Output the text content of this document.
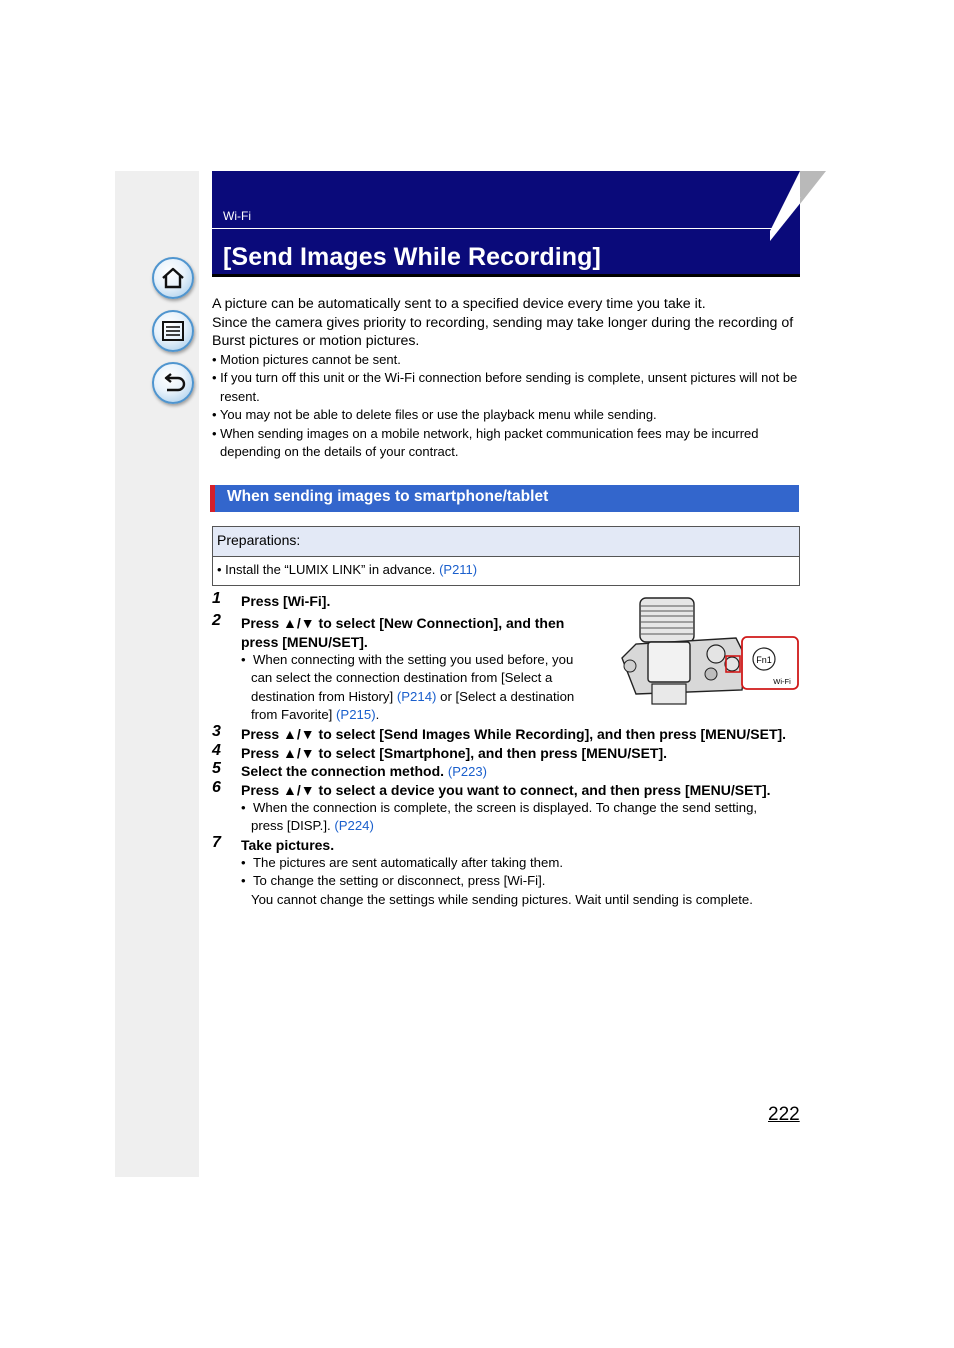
Wi-Fi
[Send Images While Recording]

A picture can be automatically sent to a specified device every time you take it.

Since the camera gives priority to recording, sending may take longer during the recording of Burst pictures or motion pictures.

• Motion pictures cannot be sent.

• If you turn off this unit or the Wi-Fi connection before sending is complete, unsent pictures will not be resent.

• You may not be able to delete files or use the playback menu while sending.

• When sending images on a mobile network, high packet communication fees may be incurred depending on the details of your contract.

When sending images to smartphone/tablet
Preparations:
• Install the “LUMIX LINK” in advance. (P211)
1 Press [Wi-Fi].
2 Press ▲/▼ to select [New Connection], and then
press [MENU/SET].
•  When connecting with the setting you used before, you
can select the connection destination from [Select a
destination from History] (P214) or [Select a destination
from Favorite] (P215).
Fn1
Wi-Fi
3 Press ▲/▼ to select [Send Images While Recording], and then press [MENU/SET].
4 Press ▲/▼ to select [Smartphone], and then press [MENU/SET].
5 Select the connection method. (P223)
6 Press ▲/▼ to select a device you want to connect, and then press [MENU/SET].
•  When the connection is complete, the screen is displayed. To change the send setting,
press [DISP.]. (P224)
7 Take pictures.
•  The pictures are sent automatically after taking them.
•  To change the setting or disconnect, press [Wi-Fi].
You cannot change the settings while sending pictures. Wait until sending is complete.
222
